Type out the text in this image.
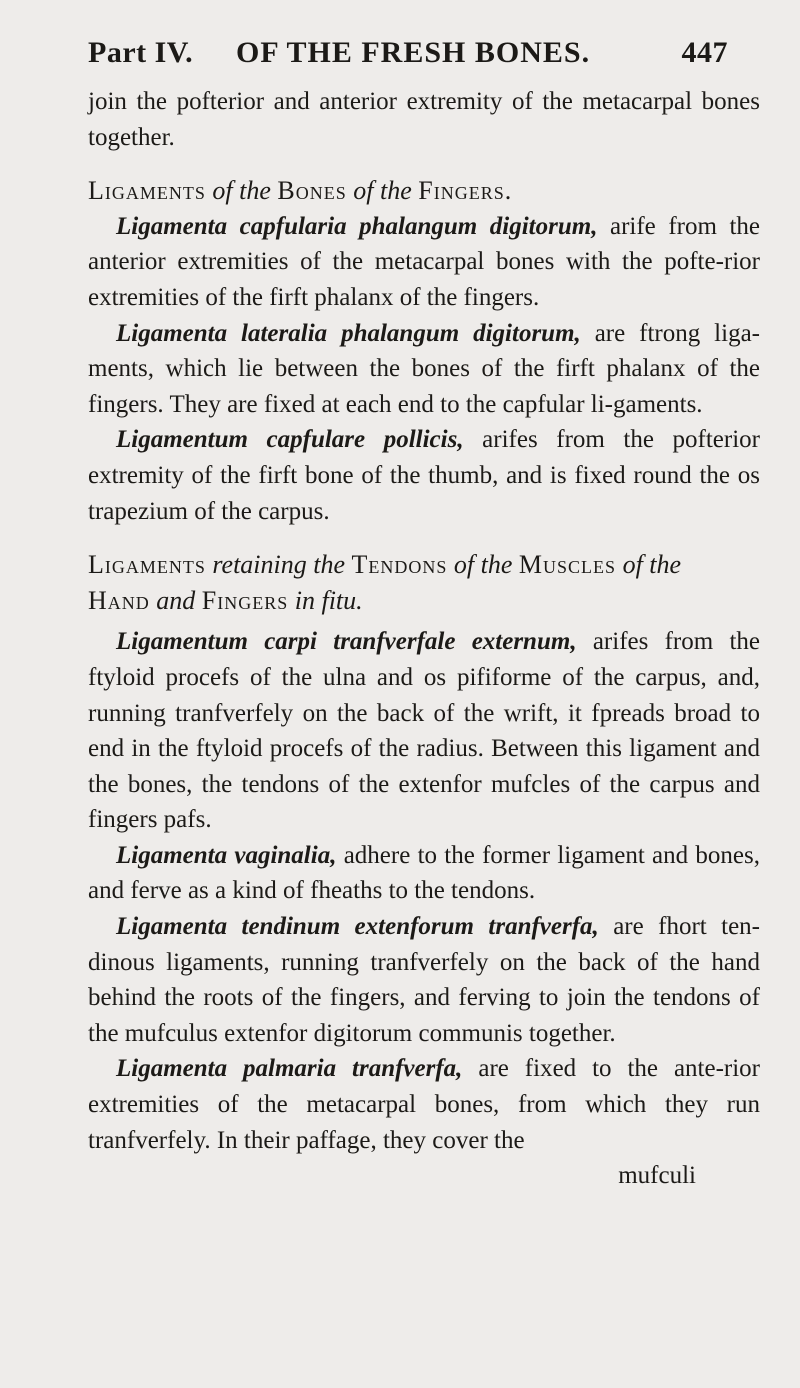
Part IV. OF THE FRESH BONES.	447

join the pofterior and anterior extremity of the metacarpal bones together.

Ligaments of the Bones of the Fingers.

Ligamenta capfularia phalangum digitorum, arife from the anterior extremities of the metacarpal bones with the pofte-rior extremities of the firft phalanx of the fingers.

Ligamenta lateralia phalangum digitorum, are ftrong liga-ments, which lie between the bones of the firft phalanx of the fingers. They are fixed at each end to the capfular li-gaments.

Ligamentum capfulare pollicis, arifes from the pofterior extremity of the firft bone of the thumb, and is fixed round the os trapezium of the carpus.

Ligaments retaining the Tendons of the Muscles of the
Hand and Fingers in fitu.

Ligamentum carpi tranfverfale externum, arifes from the ftyloid procefs of the ulna and os pififorme of the carpus, and, running tranfverfely on the back of the wrift, it fpreads broad to end in the ftyloid procefs of the radius. Between this ligament and the bones, the tendons of the extenfor mufcles of the carpus and fingers pafs.

Ligamenta vaginalia, adhere to the former ligament and bones, and ferve as a kind of fheaths to the tendons.

Ligamenta tendinum extenforum tranfverfa, are fhort ten-dinous ligaments, running tranfverfely on the back of the hand behind the roots of the fingers, and ferving to join the tendons of the mufculus extenfor digitorum communis together.

Ligamenta palmaria tranfverfa, are fixed to the ante-rior extremities of the metacarpal bones, from which they run tranfverfely. In their paffage, they cover the

mufculi
